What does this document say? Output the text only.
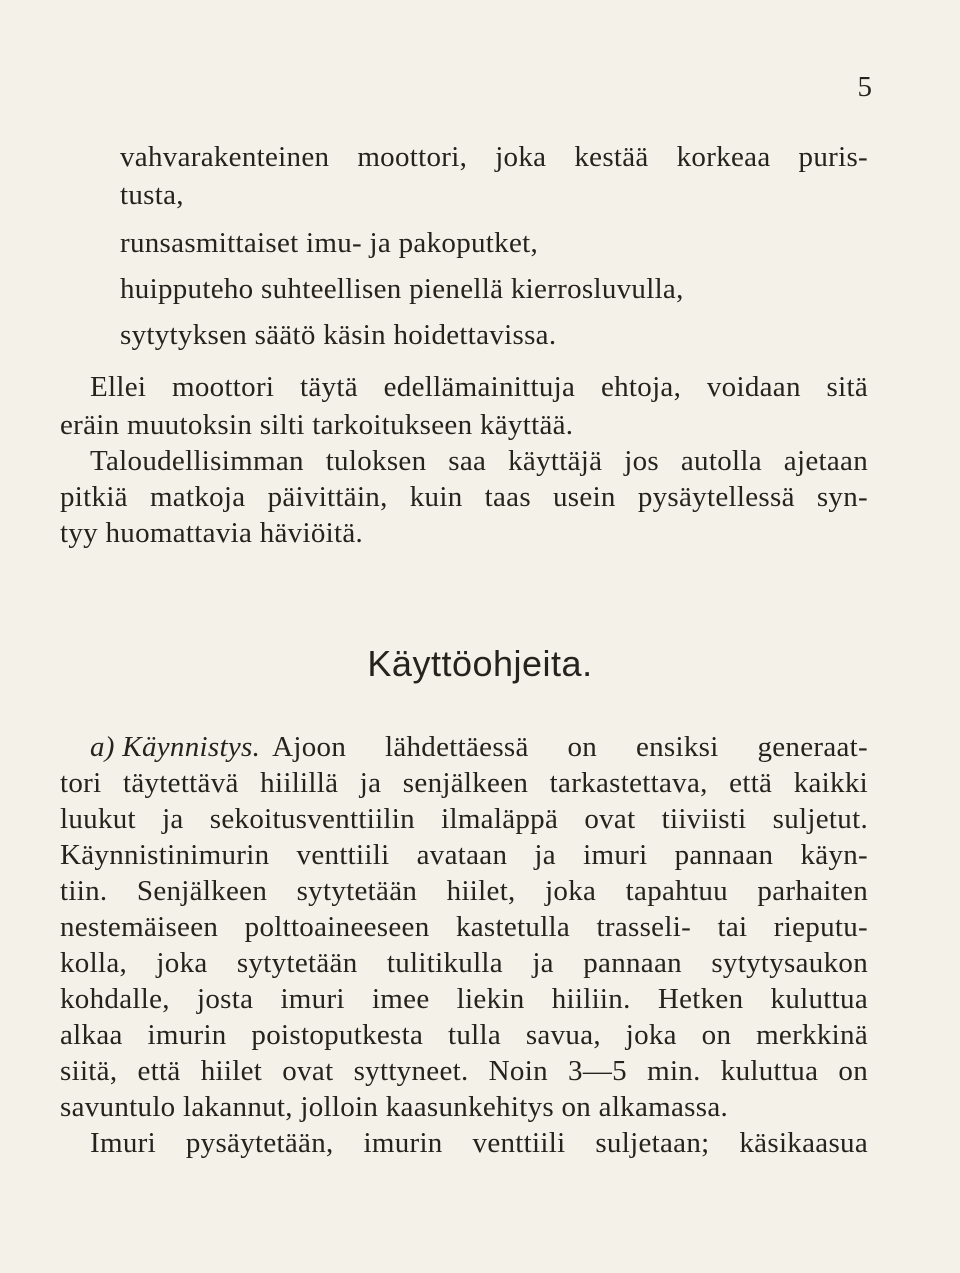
5
vahvarakenteinen moottori, joka kestää korkeaa puris-
tusta,
runsasmittaiset imu- ja pakoputket,
huipputeho suhteellisen pienellä kierrosluvulla,
sytytyksen säätö käsin hoidettavissa.
Ellei moottori täytä edellämainittuja ehtoja, voidaan sitä
eräin muutoksin silti tarkoitukseen käyttää.
Taloudellisimman tuloksen saa käyttäjä jos autolla ajetaan
pitkiä matkoja päivittäin, kuin taas usein pysäytellessä syn-
tyy huomattavia häviöitä.
Käyttöohjeita.
a) Käynnistys. Ajoon lähdettäessä on ensiksi generaat-
tori täytettävä hiilillä ja senjälkeen tarkastettava, että kaikki
luukut ja sekoitusventtiilin ilmaläppä ovat tiiviisti suljetut.
Käynnistinimurin venttiili avataan ja imuri pannaan käyn-
tiin. Senjälkeen sytytetään hiilet, joka tapahtuu parhaiten
nestemäiseen polttoaineeseen kastetulla trasseli- tai rieputu-
kolla, joka sytytetään tulitikulla ja pannaan sytytysaukon
kohdalle, josta imuri imee liekin hiiliin. Hetken kuluttua
alkaa imurin poistoputkesta tulla savua, joka on merkkinä
siitä, että hiilet ovat syttyneet. Noin 3—5 min. kuluttua on
savuntulo lakannut, jolloin kaasunkehitys on alkamassa.
Imuri pysäytetään, imurin venttiili suljetaan; käsikaasua
